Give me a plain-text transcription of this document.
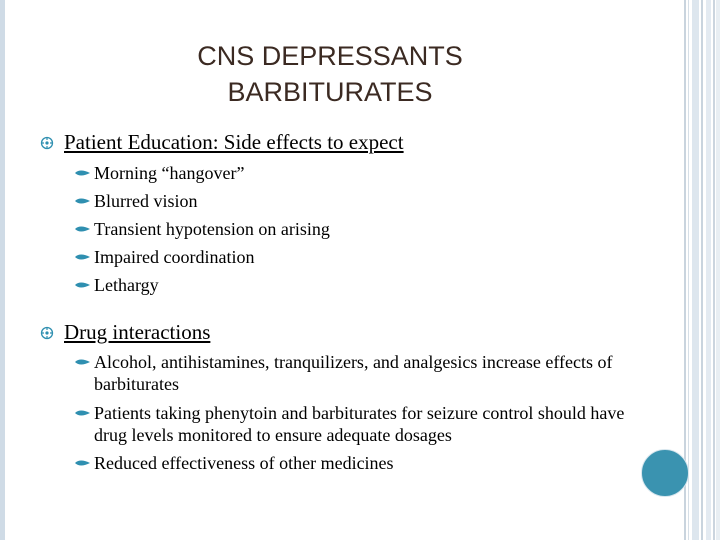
CNS DEPRESSANTS
BARBITURATES
Patient Education: Side effects to expect
Morning “hangover”
Blurred vision
Transient hypotension on arising
Impaired coordination
Lethargy
Drug interactions
Alcohol, antihistamines, tranquilizers, and analgesics increase effects of barbiturates
Patients taking phenytoin and barbiturates for seizure control should have drug levels monitored to ensure adequate dosages
Reduced effectiveness of other medicines
